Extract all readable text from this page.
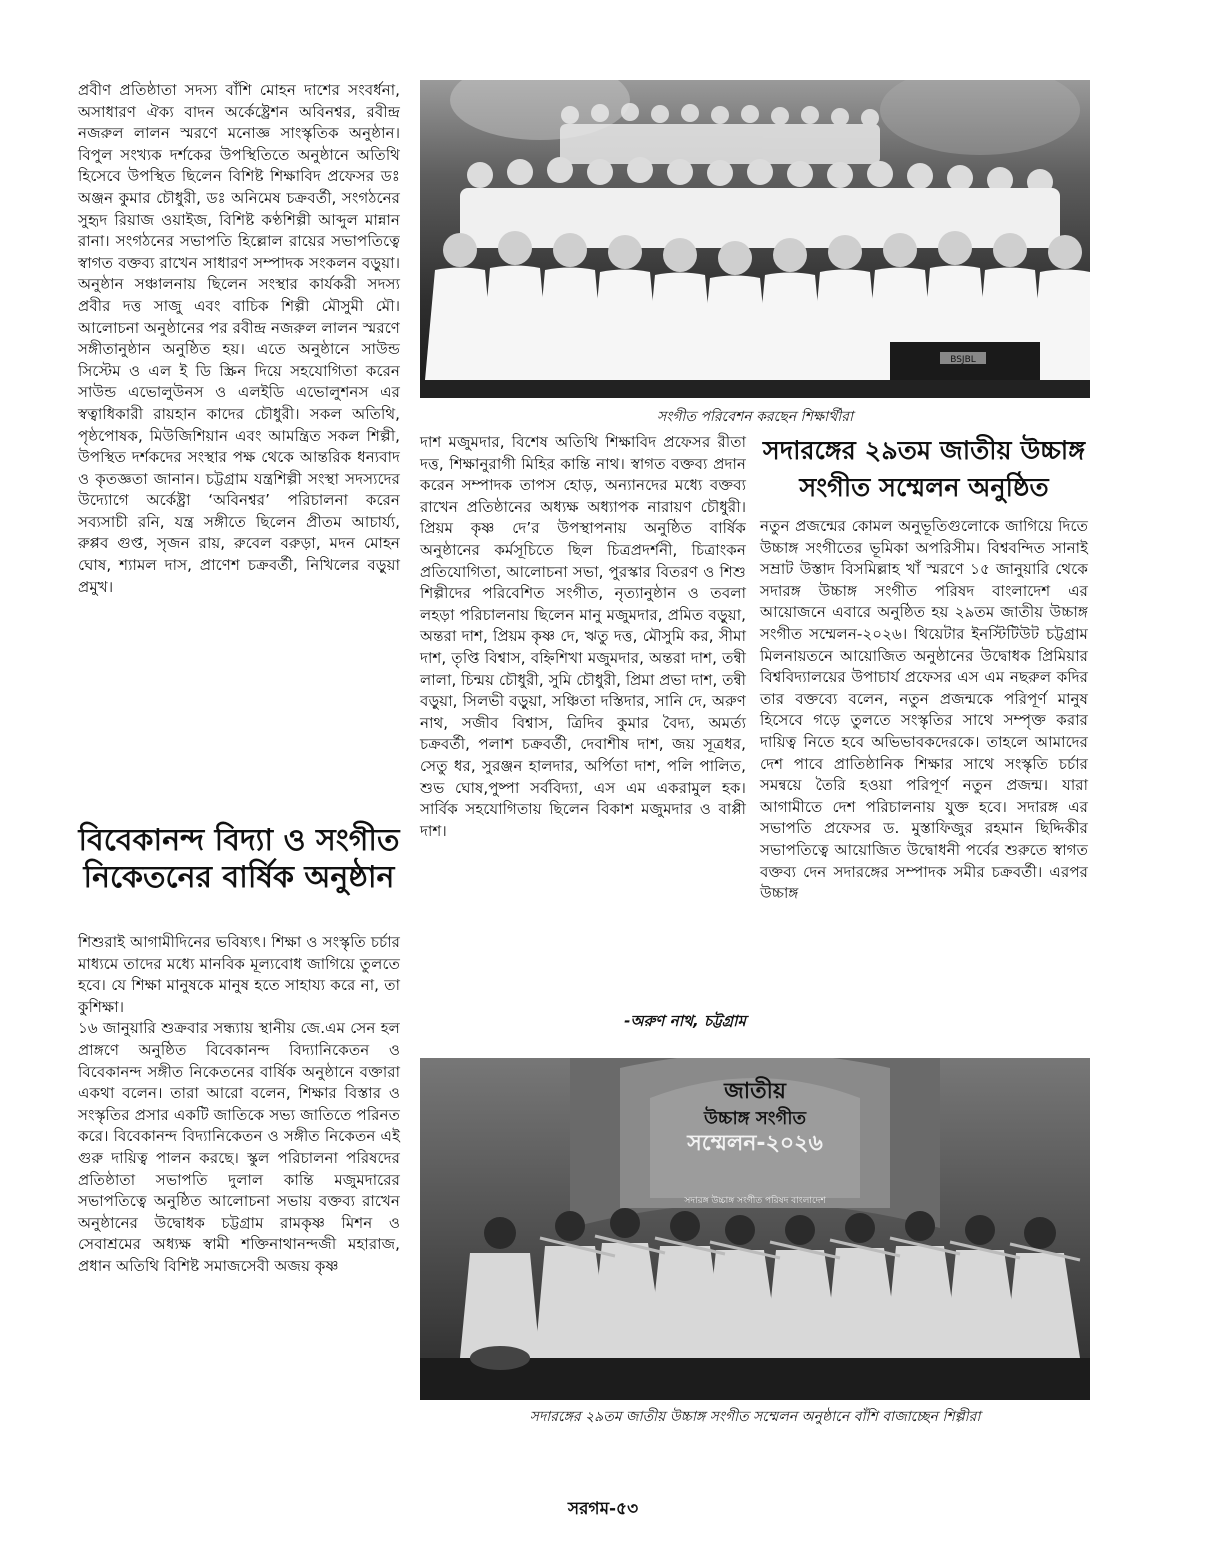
প্রবীণ প্রতিষ্ঠাতা সদস্য বাঁশি মোহন দাশের সংবর্ধনা, অসাধারণ ঐক্য বাদন অর্কেষ্ট্রেশন অবিনশ্বর, রবীন্দ্র নজরুল লালন স্মরণে মনোজ্ঞ সাংস্কৃতিক অনুষ্ঠান। বিপুল সংখ্যক দর্শকের উপস্থিতিতে অনুষ্ঠানে অতিথি হিসেবে উপস্থিত ছিলেন বিশিষ্ট শিক্ষাবিদ প্রফেসর ডঃ অঞ্জন কুমার চৌধুরী, ডঃ অনিমেষ চক্রবর্তী, সংগঠনের সুহৃদ রিয়াজ ওয়াইজ, বিশিষ্ট কণ্ঠশিল্পী আব্দুল মান্নান রানা। সংগঠনের সভাপতি হিল্লোল রায়ের সভাপতিত্বে স্বাগত বক্তব্য রাখেন সাধারণ সম্পাদক সংকলন বড়ুয়া। অনুষ্ঠান সঞ্চালনায় ছিলেন সংস্থার কার্যকরী সদস্য প্রবীর দত্ত সাজু এবং বাচিক শিল্পী মৌসুমী মৌ। আলোচনা অনুষ্ঠানের পর রবীন্দ্র নজরুল লালন স্মরণে সঙ্গীতানুষ্ঠান অনুষ্ঠিত হয়। এতে অনুষ্ঠানে সাউন্ড সিস্টেম ও এল ই ডি স্ক্রিন দিয়ে সহযোগিতা করেন সাউন্ড এভোলুউনস ও এলইডি এভোলুশনস এর স্বত্বাধিকারী রায়হান কাদের চৌধুরী। সকল অতিথি, পৃষ্ঠপোষক, মিউজিশিয়ান এবং আমন্ত্রিত সকল শিল্পী, উপস্থিত দর্শকদের সংস্থার পক্ষ থেকে আন্তরিক ধন্যবাদ ও কৃতজ্ঞতা জানান। চট্টগ্রাম যন্ত্রশিল্পী সংস্থা সদস্যদের উদ্যোগে অর্কেষ্ট্রা ‘অবিনশ্বর’ পরিচালনা করেন সব্যসাচী রনি, যন্ত্র সঙ্গীতে ছিলেন প্রীতম আচার্য্য, রুপ্পব গুপ্ত, সৃজন রায়, রুবেল বরুড়া, মদন মোহন ঘোষ, শ্যামল দাস, প্রাণেশ চক্রবর্তী, নিখিলের বড়ুয়া প্রমুখ।

বিবেকানন্দ বিদ্যা ও সংগীত নিকেতনের বার্ষিক অনুষ্ঠান

শিশুরাই আগামীদিনের ভবিষ্যৎ। শিক্ষা ও সংস্কৃতি চর্চার মাধ্যমে তাদের মধ্যে মানবিক মূল্যবোধ জাগিয়ে তুলতে হবে। যে শিক্ষা মানুষকে মানুষ হতে সাহায্য করে না, তা কুশিক্ষা।

১৬ জানুয়ারি শুক্রবার সন্ধ্যায় স্থানীয় জে.এম সেন হল প্রাঙ্গণে অনুষ্ঠিত বিবেকানন্দ বিদ্যানিকেতন ও বিবেকানন্দ সঙ্গীত নিকেতনের বার্ষিক অনুষ্ঠানে বক্তারা একথা বলেন। তারা আরো বলেন, শিক্ষার বিস্তার ও সংস্কৃতির প্রসার একটি জাতিকে সভ্য জাতিতে পরিনত করে। বিবেকানন্দ বিদ্যানিকেতন ও সঙ্গীত নিকেতন এই গুরু দায়িত্ব পালন করছে। স্কুল পরিচালনা পরিষদের প্রতিষ্ঠাতা সভাপতি দুলাল কান্তি মজুমদারের সভাপতিত্বে অনুষ্ঠিত আলোচনা সভায় বক্তব্য রাখেন অনুষ্ঠানের উদ্বোধক চট্টগ্রাম রামকৃষ্ণ মিশন ও সেবাশ্রমের অধ্যক্ষ স্বামী শক্তিনাথানন্দজী মহারাজ, প্রধান অতিথি বিশিষ্ট সমাজসেবী অজয় কৃষ্ণ

BSJBL

সংগীত পরিবেশন করছেন শিক্ষার্থীরা

দাশ মজুমদার, বিশেষ অতিথি শিক্ষাবিদ প্রফেসর রীতা দত্ত, শিক্ষানুরাগী মিহির কান্তি নাথ। স্বাগত বক্তব্য প্রদান করেন সম্পাদক তাপস হোড়, অন্যানদের মধ্যে বক্তব্য রাখেন প্রতিষ্ঠানের অধ্যক্ষ অধ্যাপক নারায়ণ চৌধুরী। প্রিয়ম কৃষ্ণ দে’র উপস্থাপনায় অনুষ্ঠিত বার্ষিক অনুষ্ঠানের কর্মসূচিতে ছিল চিত্রপ্রদর্শনী, চিত্রাংকন প্রতিযোগিতা, আলোচনা সভা, পুরস্কার বিতরণ ও শিশু শিল্পীদের পরিবেশিত সংগীত, নৃত্যানুষ্ঠান ও তবলা লহড়া পরিচালনায় ছিলেন মানু মজুমদার, প্রমিত বড়ুয়া, অন্তরা দাশ, প্রিয়ম কৃষ্ণ দে, ঋতু দত্ত, মৌসুমি কর, সীমা দাশ, তৃপ্তি বিশ্বাস, বহ্নিশিখা মজুমদার, অন্তরা দাশ, তন্বী লালা, চিন্ময় চৌধুরী, সুমি চৌধুরী, প্রিমা প্রভা দাশ, তন্বী বড়ুয়া, সিলভী বড়ুয়া, সঞ্চিতা দস্তিদার, সানি দে, অরুণ নাথ, সজীব বিশ্বাস, ত্রিদিব কুমার বৈদ্য, অমর্ত্য চক্রবর্তী, পলাশ চক্রবর্তী, দেবাশীষ দাশ, জয় সূত্রধর, সেতু ধর, সুরঞ্জন হালদার, অর্পিতা দাশ, পলি পালিত, শুভ ঘোষ,পুষ্পা সর্ববিদ্যা, এস এম একরামুল হক। সার্বিক সহযোগিতায় ছিলেন বিকাশ মজুমদার ও বাপ্পী দাশ।

-অরুণ নাথ, চট্টগ্রাম

সদারঙ্গের ২৯তম জাতীয় উচ্চাঙ্গ সংগীত সম্মেলন অনুষ্ঠিত

নতুন প্রজন্মের কোমল অনুভূতিগুলোকে জাগিয়ে দিতে উচ্চাঙ্গ সংগীতের ভূমিকা অপরিসীম। বিশ্ববন্দিত সানাই সম্রাট উস্তাদ বিসমিল্লাহ খাঁ স্মরণে ১৫ জানুয়ারি থেকে সদারঙ্গ উচ্চাঙ্গ সংগীত পরিষদ বাংলাদেশ এর আয়োজনে এবারে অনুষ্ঠিত হয় ২৯তম জাতীয় উচ্চাঙ্গ সংগীত সম্মেলন-২০২৬। থিয়েটার ইনস্টিটিউট চট্টগ্রাম মিলনায়তনে আয়োজিত অনুষ্ঠানের উদ্বোধক প্রিমিয়ার বিশ্ববিদ্যালয়ের উপাচার্য প্রফেসর এস এম নছরুল কদির তার বক্তব্যে বলেন, নতুন প্রজন্মকে পরিপূর্ণ মানুষ হিসেবে গড়ে তুলতে সংস্কৃতির সাথে সম্পৃক্ত করার দায়িত্ব নিতে হবে অভিভাবকদেরকে। তাহলে আমাদের দেশ পাবে প্রাতিষ্ঠানিক শিক্ষার সাথে সংস্কৃতি চর্চার সমন্বয়ে তৈরি হওয়া পরিপূর্ণ নতুন প্রজন্ম। যারা আগামীতে দেশ পরিচালনায় যুক্ত হবে। সদারঙ্গ এর সভাপতি প্রফেসর ড. মুস্তাফিজুর রহমান ছিদ্দিকীর সভাপতিত্বে আয়োজিত উদ্বোধনী পর্বের শুরুতে স্বাগত বক্তব্য দেন সদারঙ্গের সম্পাদক সমীর চক্রবর্তী। এরপর উচ্চাঙ্গ

জাতীয়
উচ্চাঙ্গ সংগীত
সম্মেলন-২০২৬
সদারঙ্গ উচ্চাঙ্গ সংগীত পরিষদ বাংলাদেশ

সদারঙ্গের ২৯তম জাতীয় উচ্চাঙ্গ সংগীত সম্মেলন অনুষ্ঠানে বাঁশি বাজাচ্ছেন শিল্পীরা

সরগম-৫৩
